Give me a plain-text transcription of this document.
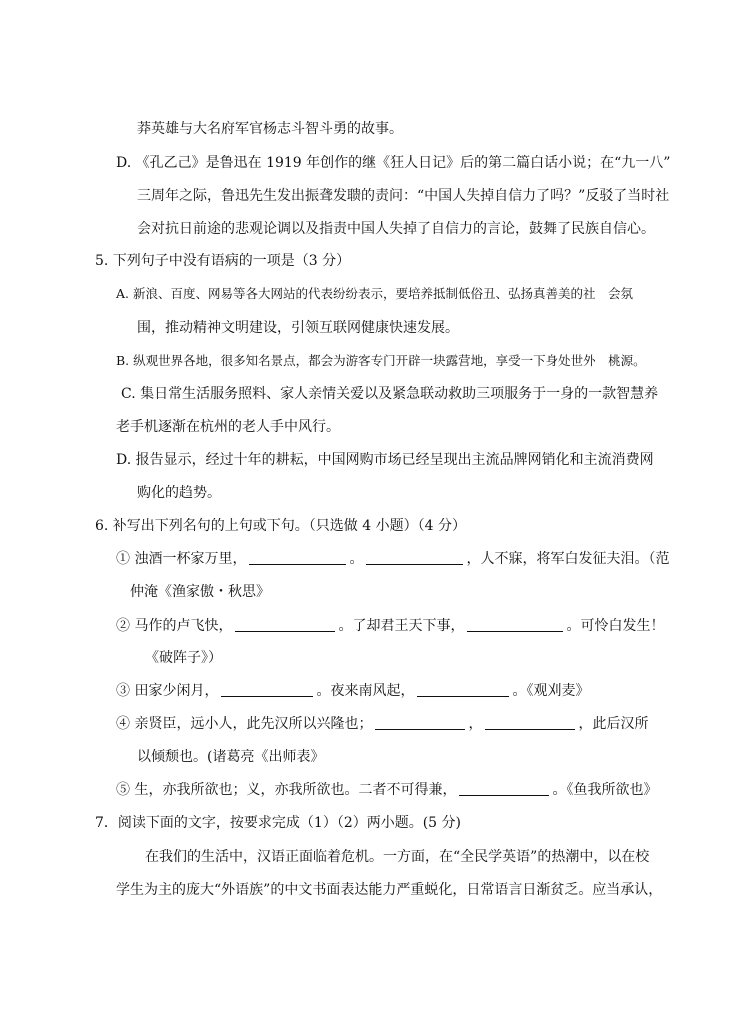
莽英雄与大名府军官杨志斗智斗勇的故事。
D. 《孔乙己》是鲁迅在 1919 年创作的继《狂人日记》后的第二篇白话小说；在“九一八”
三周年之际，鲁迅先生发出振聋发聩的责问：“中国人失掉自信力了吗？”反驳了当时社
会对抗日前途的悲观论调以及指责中国人失掉了自信力的言论，鼓舞了民族自信心。
5. 下列句子中没有语病的一项是（3 分）
A. 新浪、百度、网易等各大网站的代表纷纷表示，要培养抵制低俗丑、弘扬真善美的社　会氛
围，推动精神文明建设，引领互联网健康快速发展。
B. 纵观世界各地，很多知名景点，都会为游客专门开辟一块露营地，享受一下身处世外　桃源。
C. 集日常生活服务照料、家人亲情关爱以及紧急联动救助三项服务于一身的一款智慧养
老手机逐渐在杭州的老人手中风行。
D. 报告显示，经过十年的耕耘，中国网购市场已经呈现出主流品牌网销化和主流消费网
购化的趋势。
6. 补写出下列名句的上句或下句。（只选做 4 小题）（4 分）
① 浊酒一杯家万里，	。	，人不寐，将军白发征夫泪。（范
仲淹《渔家傲・秋思》
② 马作的卢飞快，	。了却君王天下事，	。可怜白发生！
《破阵子》）
③ 田家少闲月，	。夜来南风起，	。《观刈麦》
④ 亲贤臣，远小人，此先汉所以兴隆也；	，	，此后汉所
以倾颓也。(诸葛亮《出师表》
⑤ 生，亦我所欲也；义，亦我所欲也。二者不可得兼，	。《鱼我所欲也》
7．阅读下面的文字，按要求完成（1）（2）两小题。(5 分)
在我们的生活中，汉语正面临着危机。一方面，在“全民学英语”的热潮中，以在校
学生为主的庞大“外语族”的中文书面表达能力严重蜕化，日常语言日渐贫乏。应当承认，
